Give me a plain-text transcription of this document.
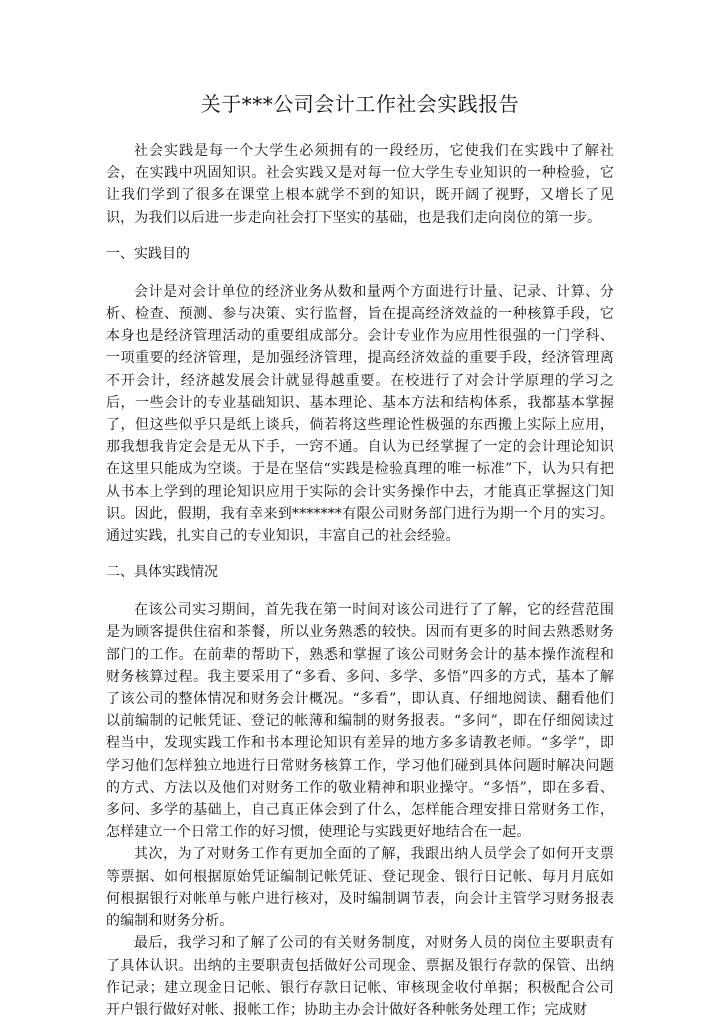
关于***公司会计工作社会实践报告

社会实践是每一个大学生必须拥有的一段经历，它使我们在实践中了解社会，在实践中巩固知识。社会实践又是对每一位大学生专业知识的一种检验，它让我们学到了很多在课堂上根本就学不到的知识，既开阔了视野，又增长了见识，为我们以后进一步走向社会打下坚实的基础，也是我们走向岗位的第一步。

一、实践目的

会计是对会计单位的经济业务从数和量两个方面进行计量、记录、计算、分析、检查、预测、参与决策、实行监督，旨在提高经济效益的一种核算手段，它本身也是经济管理活动的重要组成部分。会计专业作为应用性很强的一门学科、一项重要的经济管理，是加强经济管理，提高经济效益的重要手段，经济管理离不开会计，经济越发展会计就显得越重要。在校进行了对会计学原理的学习之后，一些会计的专业基础知识、基本理论、基本方法和结构体系，我都基本掌握了，但这些似乎只是纸上谈兵，倘若将这些理论性极强的东西搬上实际上应用，那我想我肯定会是无从下手，一窍不通。自认为已经掌握了一定的会计理论知识在这里只能成为空谈。于是在坚信“实践是检验真理的唯一标准”下，认为只有把从书本上学到的理论知识应用于实际的会计实务操作中去，才能真正掌握这门知识。因此，假期，我有幸来到*******有限公司财务部门进行为期一个月的实习。通过实践，扎实自己的专业知识，丰富自己的社会经验。

二、具体实践情况

在该公司实习期间，首先我在第一时间对该公司进行了了解，它的经营范围是为顾客提供住宿和茶餐，所以业务熟悉的较快。因而有更多的时间去熟悉财务部门的工作。在前辈的帮助下，熟悉和掌握了该公司财务会计的基本操作流程和财务核算过程。我主要采用了“多看、多问、多学、多悟”四多的方式，基本了解了该公司的整体情况和财务会计概况。“多看”，即认真、仔细地阅读、翻看他们以前编制的记帐凭证、登记的帐薄和编制的财务报表。“多问”，即在仔细阅读过程当中，发现实践工作和书本理论知识有差异的地方多多请教老师。“多学”，即学习他们怎样独立地进行日常财务核算工作，学习他们碰到具体问题时解决问题的方式、方法以及他们对财务工作的敬业精神和职业操守。“多悟”，即在多看、多问、多学的基础上，自己真正体会到了什么，怎样能合理安排日常财务工作，怎样建立一个日常工作的好习惯，使理论与实践更好地结合在一起。

其次，为了对财务工作有更加全面的了解，我跟出纳人员学会了如何开支票等票据、如何根据原始凭证编制记帐凭证、登记现金、银行日记帐、每月月底如何根据银行对帐单与帐户进行核对，及时编制调节表，向会计主管学习财务报表的编制和财务分析。

最后，我学习和了解了公司的有关财务制度，对财务人员的岗位主要职责有了具体认识。出纳的主要职责包括做好公司现金、票据及银行存款的保管、出纳作记录；建立现金日记帐、银行存款日记帐、审核现金收付单据；积极配合公司开户银行做好对帐、报帐工作；协助主办会计做好各种帐务处理工作；完成财
